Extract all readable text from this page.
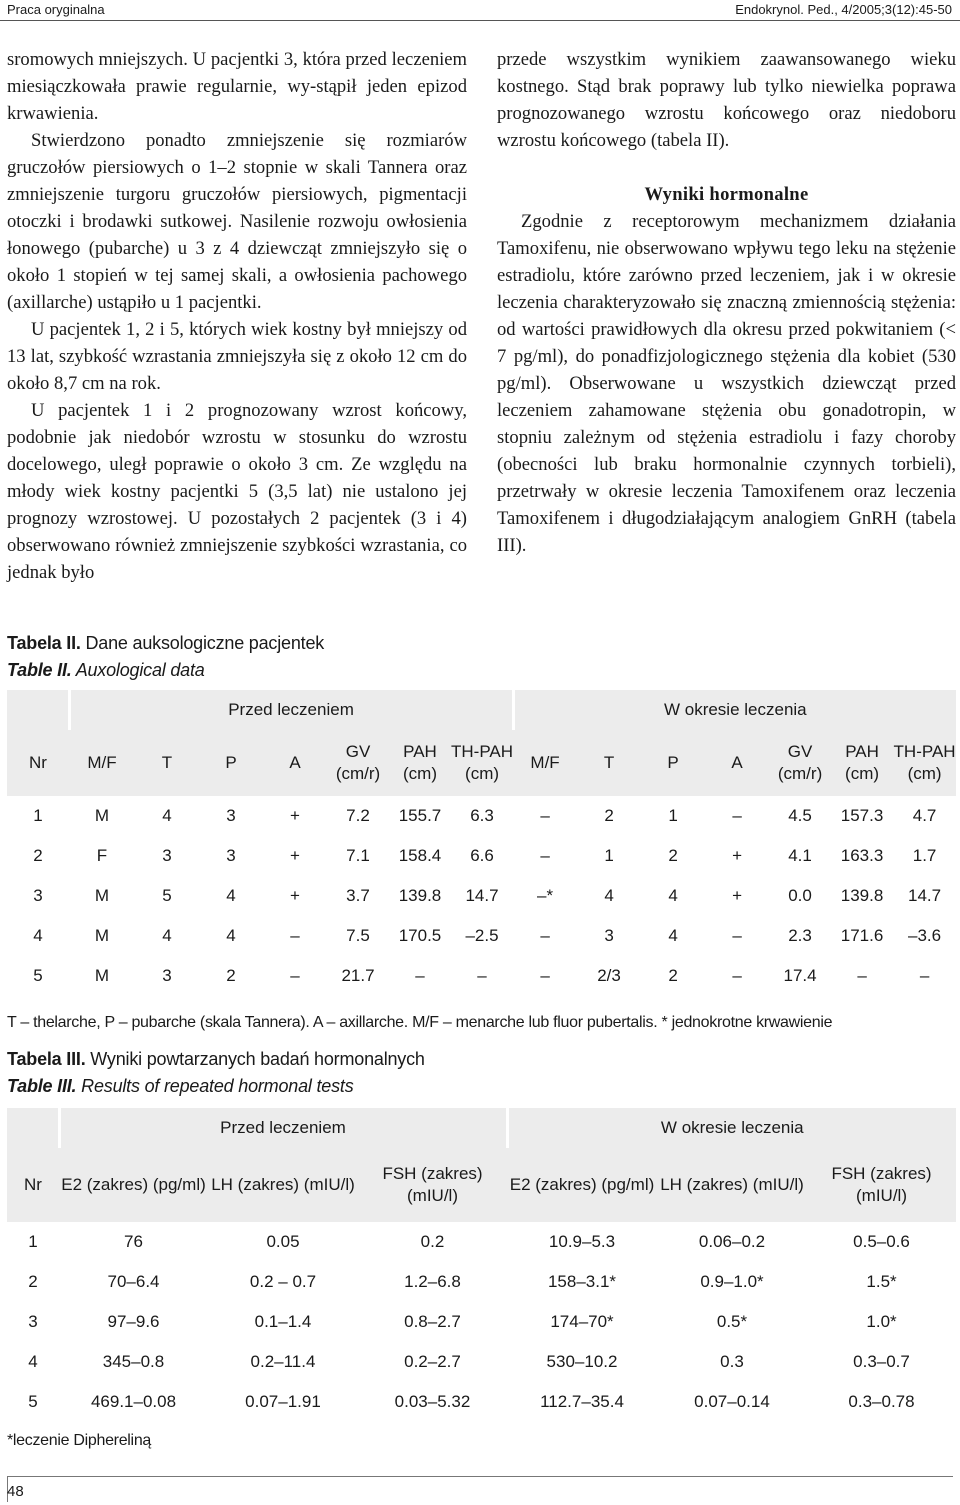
Praca oryginalna	Endokrynol. Ped., 4/2005;3(12):45-50

sromowych mniejszych. U pacjentki 3, która przed leczeniem miesiączkowała prawie regularnie, wy-stąpił jeden epizod krwawienia.

Stwierdzono ponadto zmniejszenie się rozmiarów gruczołów piersiowych o 1–2 stopnie w skali Tannera oraz zmniejszenie turgoru gruczołów piersiowych, pigmentacji otoczki i brodawki sutkowej. Nasilenie rozwoju owłosienia łonowego (pubarche) u 3 z 4 dziewcząt zmniejszyło się o około 1 stopień w tej samej skali, a owłosienia pachowego (axillarche) ustąpiło u 1 pacjentki.

U pacjentek 1, 2 i 5, których wiek kostny był mniejszy od 13 lat, szybkość wzrastania zmniejszyła się z około 12 cm do około 8,7 cm na rok.

U pacjentek 1 i 2 prognozowany wzrost końcowy, podobnie jak niedobór wzrostu w stosunku do wzrostu docelowego, uległ poprawie o około 3 cm. Ze względu na młody wiek kostny pacjentki 5 (3,5 lat) nie ustalono jej prognozy wzrostowej. U pozostałych 2 pacjentek (3 i 4) obserwowano również zmniejszenie szybkości wzrastania, co jednak było

przede wszystkim wynikiem zaawansowanego wieku kostnego. Stąd brak poprawy lub tylko niewielka poprawa prognozowanego wzrostu końcowego oraz niedoboru wzrostu końcowego (tabela II).

Wyniki hormonalne

Zgodnie z receptorowym mechanizmem działania Tamoxifenu, nie obserwowano wpływu tego leku na stężenie estradiolu, które zarówno przed leczeniem, jak i w okresie leczenia charakteryzowało się znaczną zmiennością stężenia: od wartości prawidłowych dla okresu przed pokwitaniem (< 7 pg/ml), do ponadfizjologicznego stężenia dla kobiet (530 pg/ml). Obserwowane u wszystkich dziewcząt przed leczeniem zahamowane stężenia obu gonadotropin, w stopniu zależnym od stężenia estradiolu i fazy choroby (obecności lub braku hormonalnie czynnych torbieli), przetrwały w okresie leczenia Tamoxifenem oraz leczenia Tamoxifenem i długodziałającym analogiem GnRH (tabela III).

Tabela II. Dane auksologiczne pacjentek
Table II. Auxological data
	Przed leczeniem							W okresie leczenia						
Nr	M/F	T	P	A	GV (cm/r)	PAH (cm)	TH-PAH (cm)	M/F	T	P	A	GV (cm/r)	PAH (cm)	TH-PAH (cm)
1	M	4	3	+	7.2	155.7	6.3	–	2	1	–	4.5	157.3	4.7
2	F	3	3	+	7.1	158.4	6.6	–	1	2	+	4.1	163.3	1.7
3	M	5	4	+	3.7	139.8	14.7	–*	4	4	+	0.0	139.8	14.7
4	M	4	4	–	7.5	170.5	–2.5	–	3	4	–	2.3	171.6	–3.6
5	M	3	2	–	21.7	–	–	–	2/3	2	–	17.4	–	–
T – thelarche, P – pubarche (skala Tannera). A – axillarche. M/F – menarche lub fluor pubertalis. * jednokrotne krwawienie
Tabela III. Wyniki powtarzanych badań hormonalnych
Table III. Results of repeated hormonal tests
	Przed leczeniem			W okresie leczenia		
Nr	E2 (zakres) (pg/ml)	LH (zakres) (mIU/l)	FSH (zakres) (mIU/l)	E2 (zakres) (pg/ml)	LH (zakres) (mIU/l)	FSH (zakres) (mIU/l)
1	76	0.05	0.2	10.9–5.3	0.06–0.2	0.5–0.6
2	70–6.4	0.2 – 0.7	1.2–6.8	158–3.1*	0.9–1.0*	1.5*
3	97–9.6	0.1–1.4	0.8–2.7	174–70*	0.5*	1.0*
4	345–0.8	0.2–11.4	0.2–2.7	530–10.2	0.3	0.3–0.7
5	469.1–0.08	0.07–1.91	0.03–5.32	112.7–35.4	0.07–0.14	0.3–0.78
*leczenie Diphereliną
48
